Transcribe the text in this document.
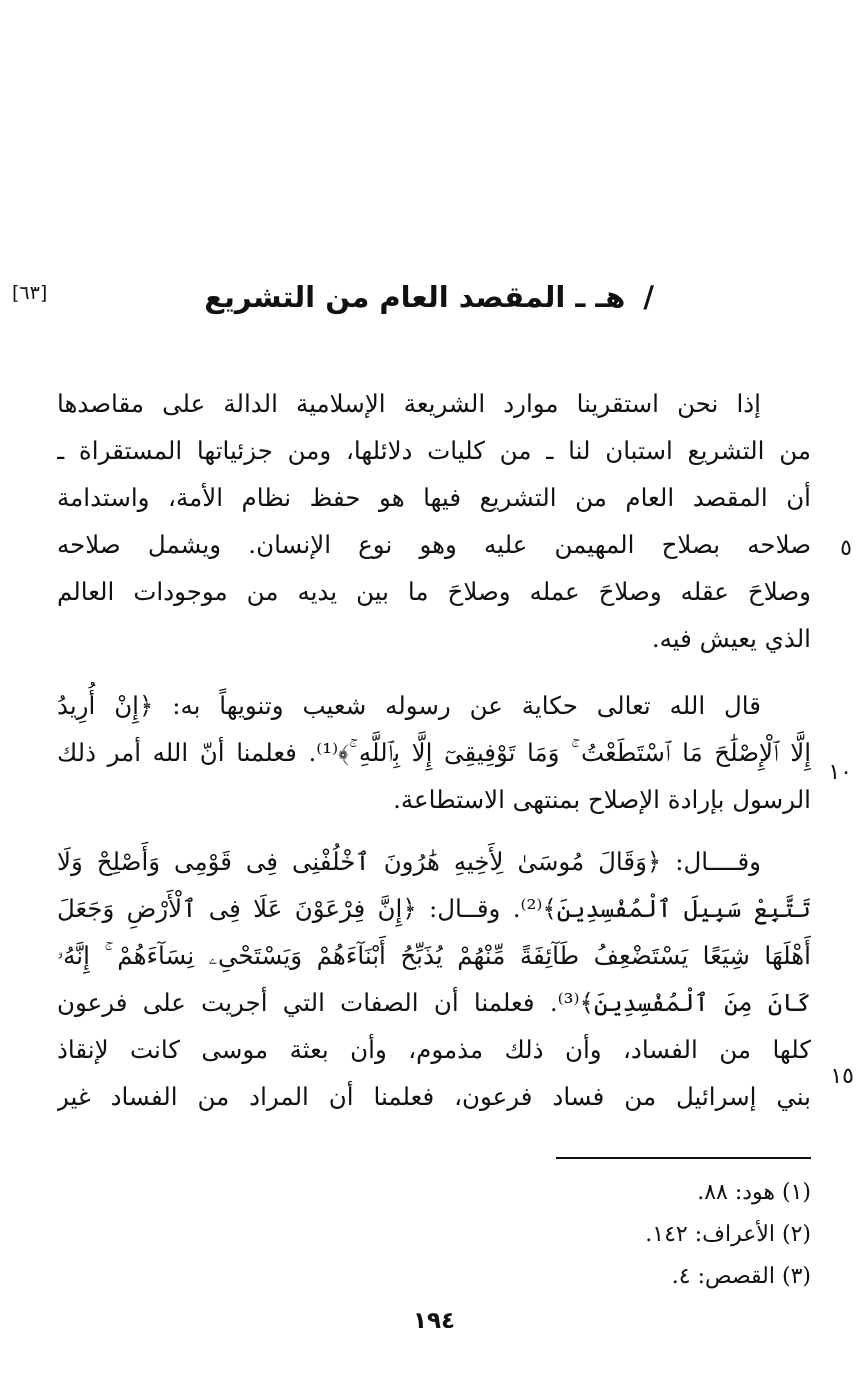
[٦٣]	/هـ ـ المقصد العام من التشريع
إذا نحن استقرينا موارد الشريعة الإسلامية الدالة على مقاصدها
من التشريع استبان لنا ـ من كليات دلائلها، ومن جزئياتها المستقراة ـ
أن المقصد العام من التشريع فيها هو حفظ نظام الأمة، واستدامة
صلاحه بصلاح المهيمن عليه وهو نوع الإنسان. ويشمل صلاحه
وصلاحَ عقله وصلاحَ عمله وصلاحَ ما بين يديه من موجودات العالم
الذي يعيش فيه.
قال الله تعالى حكاية عن رسوله شعيب وتنويهاً به: ﴿إِنْ أُرِيدُ
إِلَّا ٱلْإِصْلَٰحَ مَا ٱسْتَطَعْتُ ۚ وَمَا تَوْفِيقِىٓ إِلَّا بِٱللَّهِ ۚ﴾⁽¹⁾. فعلمنا أنّ الله أمر ذلك
الرسول بإرادة الإصلاح بمنتهى الاستطاعة.
وقــــال: ﴿وَقَالَ مُوسَىٰ لِأَخِيهِ هَٰرُونَ ٱخْلُفْنِى فِى قَوْمِى وَأَصْلِحْ وَلَا
تَتَّبِعْ سَبِيلَ ٱلْمُفْسِدِينَ﴾⁽²⁾. وقــال: ﴿إِنَّ فِرْعَوْنَ عَلَا فِى ٱلْأَرْضِ وَجَعَلَ
أَهْلَهَا شِيَعًا يَسْتَضْعِفُ طَآئِفَةً مِّنْهُمْ يُذَبِّحُ أَبْنَآءَهُمْ وَيَسْتَحْىِۦ نِسَآءَهُمْ ۚ إِنَّهُۥ
كَانَ مِنَ ٱلْمُفْسِدِينَ﴾⁽³⁾. فعلمنا أن الصفات التي أجريت على فرعون
كلها من الفساد، وأن ذلك مذموم، وأن بعثة موسى كانت لإنقاذ
بني إسرائيل من فساد فرعون، فعلمنا أن المراد من الفساد غير
٥
١٠
١٥
(١) هود: ٨٨.
(٢) الأعراف: ١٤٢.
(٣) القصص: ٤.
١٩٤
